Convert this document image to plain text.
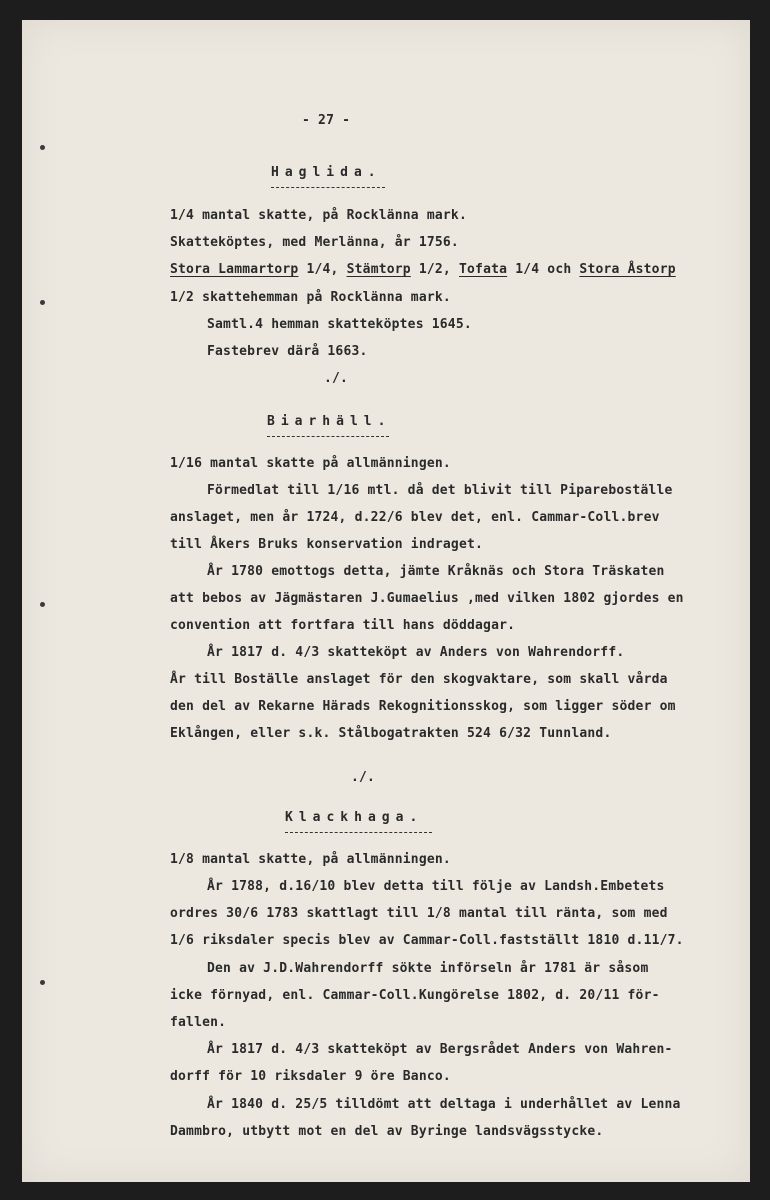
- 27 -
Haglida.
1/4 mantal skatte, på Rocklänna mark.
Skatteköptes, med Merlänna, år 1756.
Stora Lammartorp 1/4, Stämtorp 1/2, Tofata 1/4 och Stora Åstorp
1/2 skattehemman på Rocklänna mark.
Samtl.4 hemman skatteköptes 1645.
Fastebrev därå 1663.
./.
Biarhäll.
1/16 mantal skatte på allmänningen.
Förmedlat till 1/16 mtl. då det blivit till Pipareboställe
anslaget, men år 1724, d.22/6 blev det, enl. Cammar-Coll.brev
till Åkers Bruks konservation indraget.
År 1780 emottogs detta, jämte Kråknäs och Stora Träskaten
att bebos av Jägmästaren J.Gumaelius ,med vilken 1802 gjordes en
convention att fortfara till hans döddagar.
År 1817 d. 4/3 skatteköpt av Anders von Wahrendorff.
År till Boställe anslaget för den skogvaktare, som skall vårda
den del av Rekarne Härads Rekognitionsskog, som ligger söder om
Eklången, eller s.k. Stålbogatrakten 524 6/32 Tunnland.
./.
Klackhaga.
1/8 mantal skatte, på allmänningen.
År 1788, d.16/10 blev detta till följe av Landsh.Embetets
ordres 30/6 1783 skattlagt till 1/8 mantal till ränta, som med
1/6 riksdaler specis blev av Cammar-Coll.fastställt 1810 d.11/7.
Den av J.D.Wahrendorff sökte införseln år 1781 är såsom
icke förnyad, enl. Cammar-Coll.Kungörelse 1802, d. 20/11 för-
fallen.
År 1817 d. 4/3 skatteköpt av Bergsrådet Anders von Wahren-
dorff för 10 riksdaler 9 öre Banco.
År 1840 d. 25/5 tilldömt att deltaga i underhållet av Lenna
Dammbro, utbytt mot en del av Byringe landsvägsstycke.
